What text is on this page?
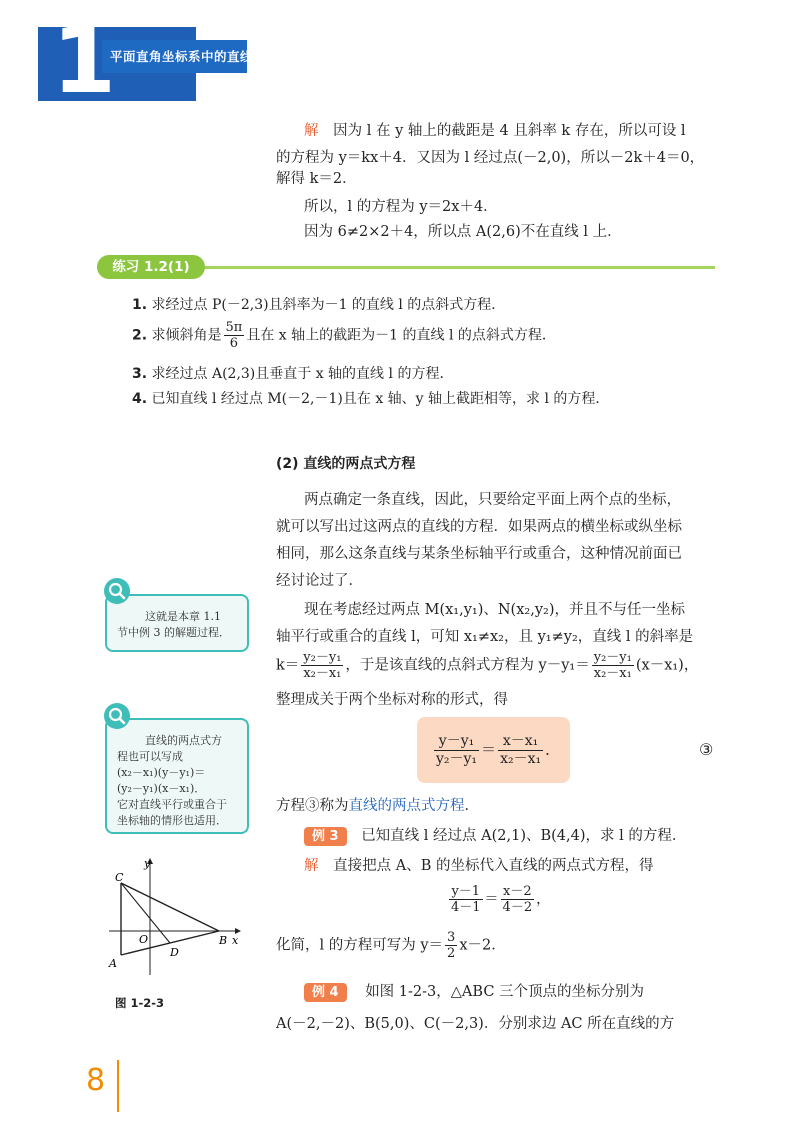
1
平面直角坐标系中的直线
解 因为 l 在 y 轴上的截距是 4 且斜率 k 存在，所以可设 l
的方程为 y＝kx＋4．又因为 l 经过点(－2,0)，所以－2k＋4＝0，
解得 k＝2．
所以，l 的方程为 y＝2x＋4．
因为 6≠2×2＋4，所以点 A(2,6)不在直线 l 上．
练习 1.2(1)
1. 求经过点 P(－2,3)且斜率为－1 的直线 l 的点斜式方程．
2. 求倾斜角是 $\frac{5\pi}{6}$ 且在 x 轴上的截距为－1 的直线 l 的点斜式方程．
3. 求经过点 A(2,3)且垂直于 x 轴的直线 l 的方程．
4. 已知直线 l 经过点 M(－2,－1)且在 x 轴、y 轴上截距相等，求 l 的方程．
(2) 直线的两点式方程
两点确定一条直线，因此，只要给定平面上两个点的坐标，
就可以写出过这两点的直线的方程．如果两点的横坐标或纵坐标
相同，那么这条直线与某条坐标轴平行或重合，这种情况前面已
经讨论过了．
现在考虑经过两点 M(x₁,y₁)、N(x₂,y₂)，并且不与任一坐标
轴平行或重合的直线 l，可知 x₁≠x₂，且 y₁≠y₂，直线 l 的斜率是
$k= \frac{\text{y₂－y₁}}{\text{x₂－x₁}}$ ，于是该直线的点斜式方程为 $y-y_1= \frac{\text{y₂－y₁}}{\text{x₂－x₁}} (x-x_1)$，
整理成关于两个坐标对称的形式，得
$\frac{\text{y－y₁}}{\text{y₂－y₁}} = \frac{\text{x－x₁}}{\text{x₂－x₁}}$ ．	③
方程③称为直线的两点式方程．
例 3 已知直线 l 经过点 A(2,1)、B(4,4)，求 l 的方程．
解 直接把点 A、B 的坐标代入直线的两点式方程，得
$\frac{y-1}{4-1} = \frac{x-2}{4-2}$ ，
化简，l 的方程可写为 $y= \frac{3}{2} x-2$．
例 4 如图 1-2-3，△ABC 三个顶点的坐标分别为
A(－2,－2)、B(5,0)、C(－2,3)．分别求边 AC 所在直线的方
这就是本章 1.1
节中例 3 的解题过程．
直线的两点式方
程也可以写成
(x₂－x₁)(y－y₁)＝
(y₂－y₁)(x－x₁)．
它对直线平行或重合于
坐标轴的情形也适用．
y
x
O
A
B
C
D
图 1-2-3
8
